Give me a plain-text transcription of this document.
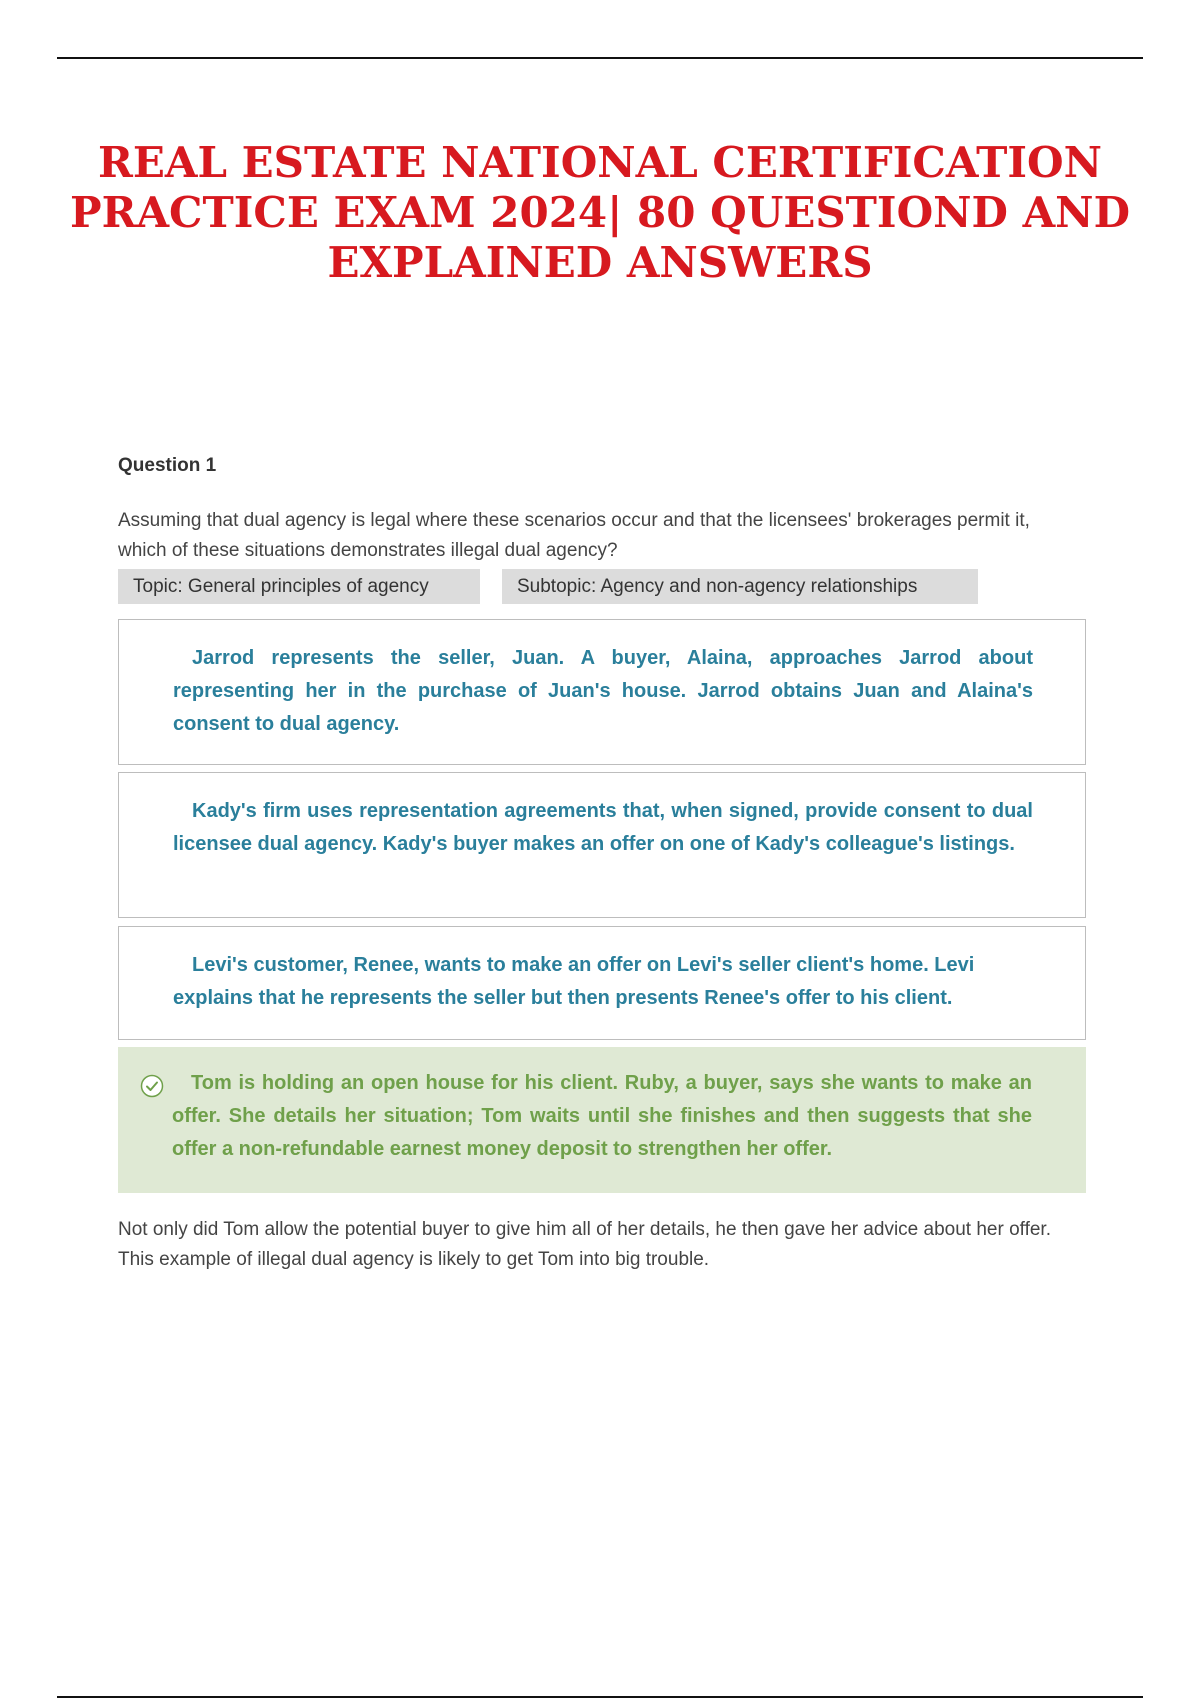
REAL ESTATE NATIONAL CERTIFICATION PRACTICE EXAM 2024| 80 QUESTIOND AND EXPLAINED ANSWERS
Question 1
Assuming that dual agency is legal where these scenarios occur and that the licensees' brokerages permit it, which of these situations demonstrates illegal dual agency?
Topic: General principles of agency	Subtopic: Agency and non-agency relationships
Jarrod represents the seller, Juan. A buyer, Alaina, approaches Jarrod about representing her in the purchase of Juan's house. Jarrod obtains Juan and Alaina's consent to dual agency.
Kady's firm uses representation agreements that, when signed, provide consent to dual licensee dual agency. Kady's buyer makes an offer on one of Kady's colleague's listings.
Levi's customer, Renee, wants to make an offer on Levi's seller client's home. Levi explains that he represents the seller but then presents Renee's offer to his client.
Tom is holding an open house for his client. Ruby, a buyer, says she wants to make an offer. She details her situation; Tom waits until she finishes and then suggests that she offer a non-refundable earnest money deposit to strengthen her offer.
Not only did Tom allow the potential buyer to give him all of her details, he then gave her advice about her offer. This example of illegal dual agency is likely to get Tom into big trouble.
